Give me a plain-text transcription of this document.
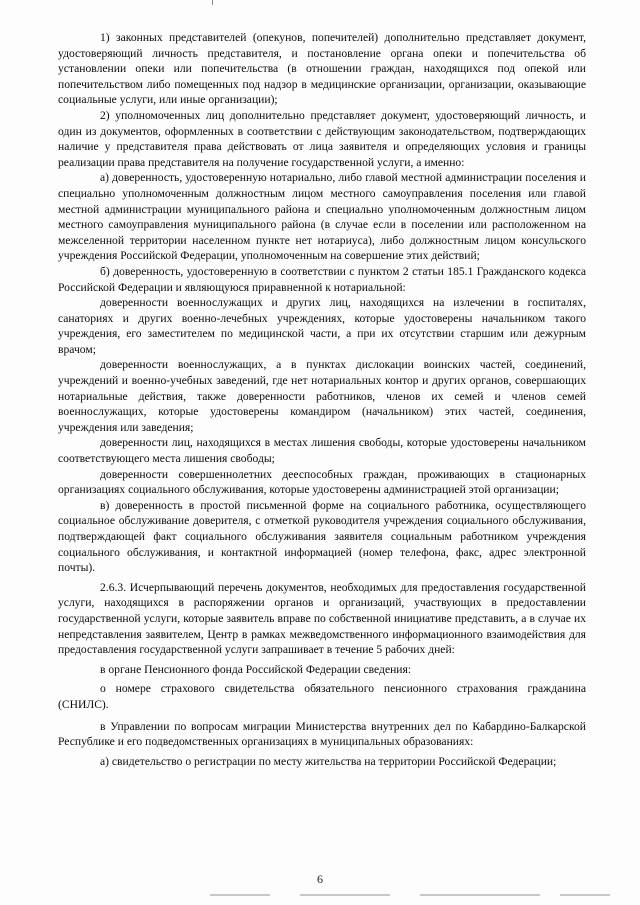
1) законных представителей (опекунов, попечителей) дополнительно представляет документ, удостоверяющий личность представителя, и постановление органа опеки и попечительства об установлении опеки или попечительства (в отношении граждан, находящихся под опекой или попечительством либо помещенных под надзор в медицинские организации, организации, оказывающие социальные услуги, или иные организации);

2) уполномоченных лиц дополнительно представляет документ, удостоверяющий личность, и один из документов, оформленных в соответствии с действующим законодательством, подтверждающих наличие у представителя права действовать от лица заявителя и определяющих условия и границы реализации права представителя на получение государственной услуги, а именно:

а) доверенность, удостоверенную нотариально, либо главой местной администрации поселения и специально уполномоченным должностным лицом местного самоуправления поселения или главой местной администрации муниципального района и специально уполномоченным должностным лицом местного самоуправления муниципального района (в случае если в поселении или расположенном на межселенной территории населенном пункте нет нотариуса), либо должностным лицом консульского учреждения Российской Федерации, уполномоченным на совершение этих действий;

б) доверенность, удостоверенную в соответствии с пунктом 2 статьи 185.1 Гражданского кодекса Российской Федерации и являющуюся приравненной к нотариальной:

доверенности военнослужащих и других лиц, находящихся на излечении в госпиталях, санаториях и других военно-лечебных учреждениях, которые удостоверены начальником такого учреждения, его заместителем по медицинской части, а при их отсутствии старшим или дежурным врачом;

доверенности военнослужащих, а в пунктах дислокации воинских частей, соединений, учреждений и военно-учебных заведений, где нет нотариальных контор и других органов, совершающих нотариальные действия, также доверенности работников, членов их семей и членов семей военнослужащих, которые удостоверены командиром (начальником) этих частей, соединения, учреждения или заведения;

доверенности лиц, находящихся в местах лишения свободы, которые удостоверены начальником соответствующего места лишения свободы;

доверенности совершеннолетних дееспособных граждан, проживающих в стационарных организациях социального обслуживания, которые удостоверены администрацией этой организации;

в) доверенность в простой письменной форме на социального работника, осуществляющего социальное обслуживание доверителя, с отметкой руководителя учреждения социального обслуживания, подтверждающей факт социального обслуживания заявителя социальным работником учреждения социального обслуживания, и контактной информацией (номер телефона, факс, адрес электронной почты).

2.6.3. Исчерпывающий перечень документов, необходимых для предоставления государственной услуги, находящихся в распоряжении органов и организаций, участвующих в предоставлении государственной услуги, которые заявитель вправе по собственной инициативе представить, а в случае их непредставления заявителем, Центр в рамках межведомственного информационного взаимодействия для предоставления государственной услуги запрашивает в течение 5 рабочих дней:

в органе Пенсионного фонда Российской Федерации сведения:

о номере страхового свидетельства обязательного пенсионного страхования гражданина (СНИЛС).

в Управлении по вопросам миграции Министерства внутренних дел по Кабардино-Балкарской Республике и его подведомственных организациях в муниципальных образованиях:

а) свидетельство о регистрации по месту жительства на территории Российской Федерации;

6
